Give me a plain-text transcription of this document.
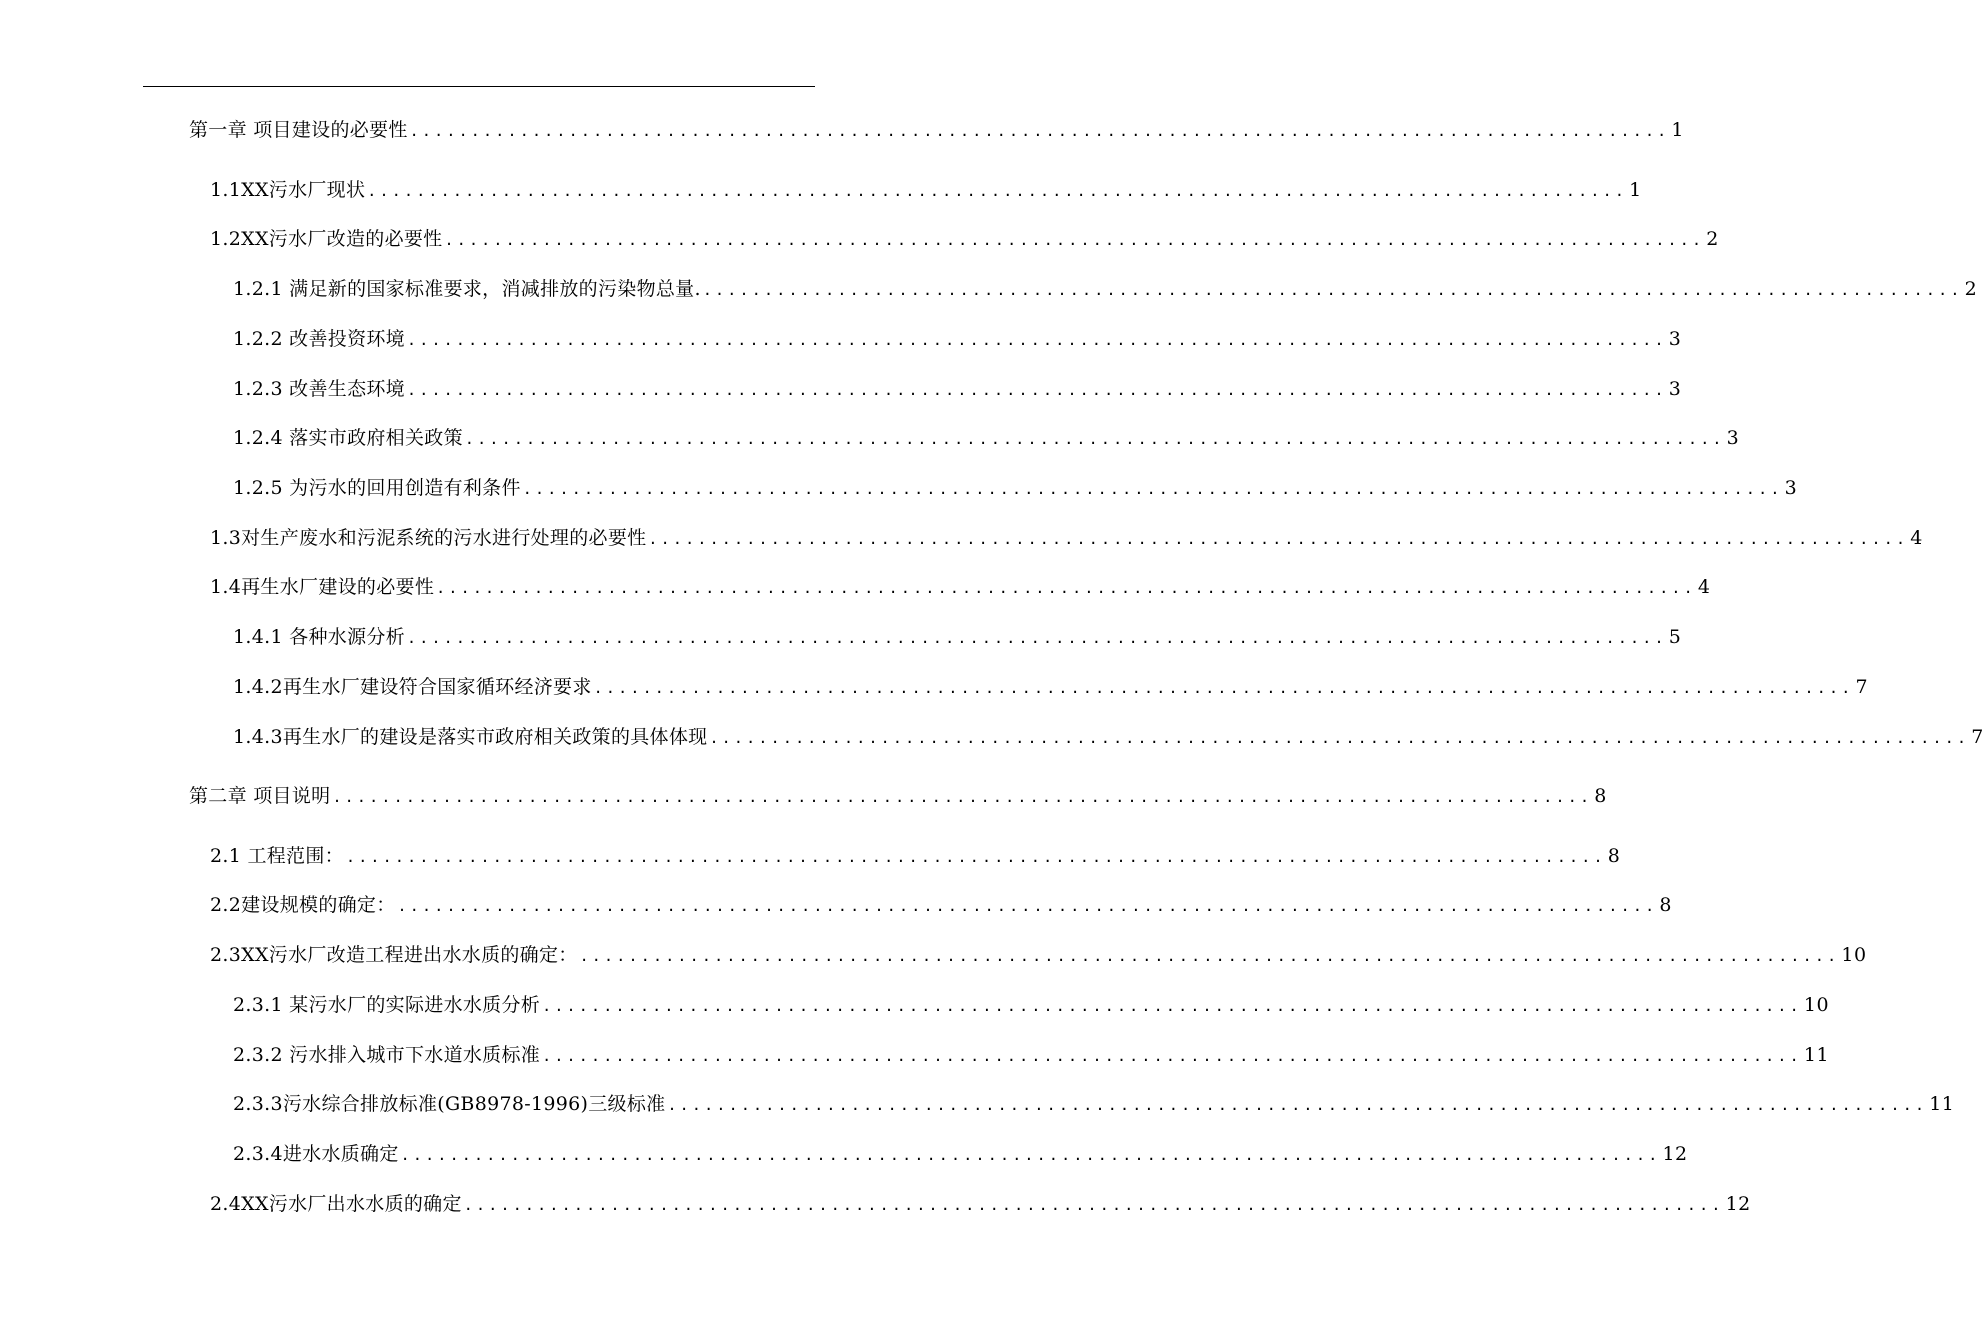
第一章 项目建设的必要性 ....................................................................................................... 1
1.1XX污水厂现状 ....................................................................................................... 1
1.2XX污水厂改造的必要性 ....................................................................................................... 2
1.2.1 满足新的国家标准要求，消减排放的污染物总量. ....................................................................................................... 2
1.2.2 改善投资环境 ....................................................................................................... 3
1.2.3 改善生态环境 ....................................................................................................... 3
1.2.4 落实市政府相关政策 ....................................................................................................... 3
1.2.5 为污水的回用创造有利条件 ....................................................................................................... 3
1.3对生产废水和污泥系统的污水进行处理的必要性 ....................................................................................................... 4
1.4再生水厂建设的必要性 ....................................................................................................... 4
1.4.1 各种水源分析 ....................................................................................................... 5
1.4.2再生水厂建设符合国家循环经济要求 ....................................................................................................... 7
1.4.3再生水厂的建设是落实市政府相关政策的具体体现 ....................................................................................................... 7
第二章 项目说明 ....................................................................................................... 8
2.1 工程范围： ....................................................................................................... 8
2.2建设规模的确定： ....................................................................................................... 8
2.3XX污水厂改造工程进出水水质的确定： ....................................................................................................... 10
2.3.1 某污水厂的实际进水水质分析 ....................................................................................................... 10
2.3.2 污水排入城市下水道水质标准 ....................................................................................................... 11
2.3.3污水综合排放标准(GB8978-1996)三级标准 ....................................................................................................... 11
2.3.4进水水质确定 ....................................................................................................... 12
2.4XX污水厂出水水质的确定 ....................................................................................................... 12
